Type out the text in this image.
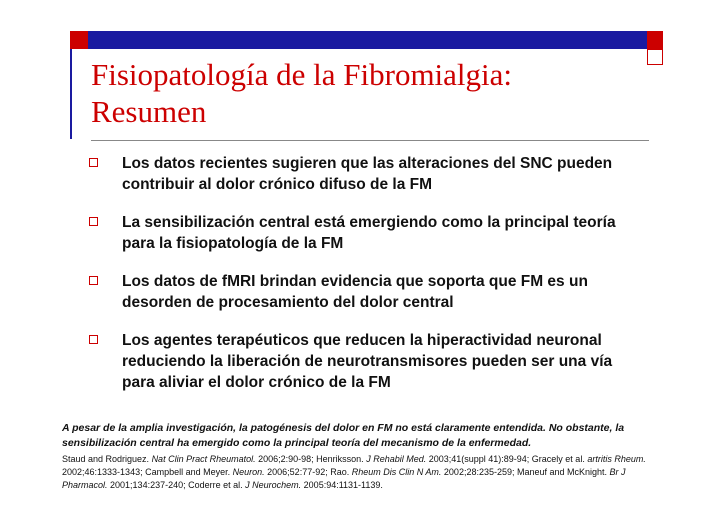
Fisiopatología de la Fibromialgia: Resumen
Los datos recientes sugieren que las alteraciones del SNC pueden contribuir al dolor crónico difuso de la FM
La sensibilización central está emergiendo como la principal teoría para la fisiopatología de la FM
Los datos de fMRI brindan evidencia que soporta que FM es un desorden de procesamiento del dolor central
Los agentes terapéuticos que reducen la hiperactividad neuronal reduciendo la liberación de neurotransmisores pueden ser una vía para aliviar el dolor crónico de la FM

A pesar de la amplia investigación, la patogénesis del dolor en FM no está claramente entendida. No obstante, la sensibilización central ha emergido como la principal teoría del mecanismo de la enfermedad.

Staud and Rodriguez. Nat Clin Pract Rheumatol. 2006;2:90-98; Henriksson. J Rehabil Med. 2003;41(suppl 41):89-94; Gracely et al. artritis Rheum. 2002;46:1333-1343; Campbell and Meyer. Neuron. 2006;52:77-92; Rao. Rheum Dis Clin N Am. 2002;28:235-259; Maneuf and McKnight. Br J Pharmacol. 2001;134:237-240; Coderre et al. J Neurochem. 2005:94:1131-1139.
